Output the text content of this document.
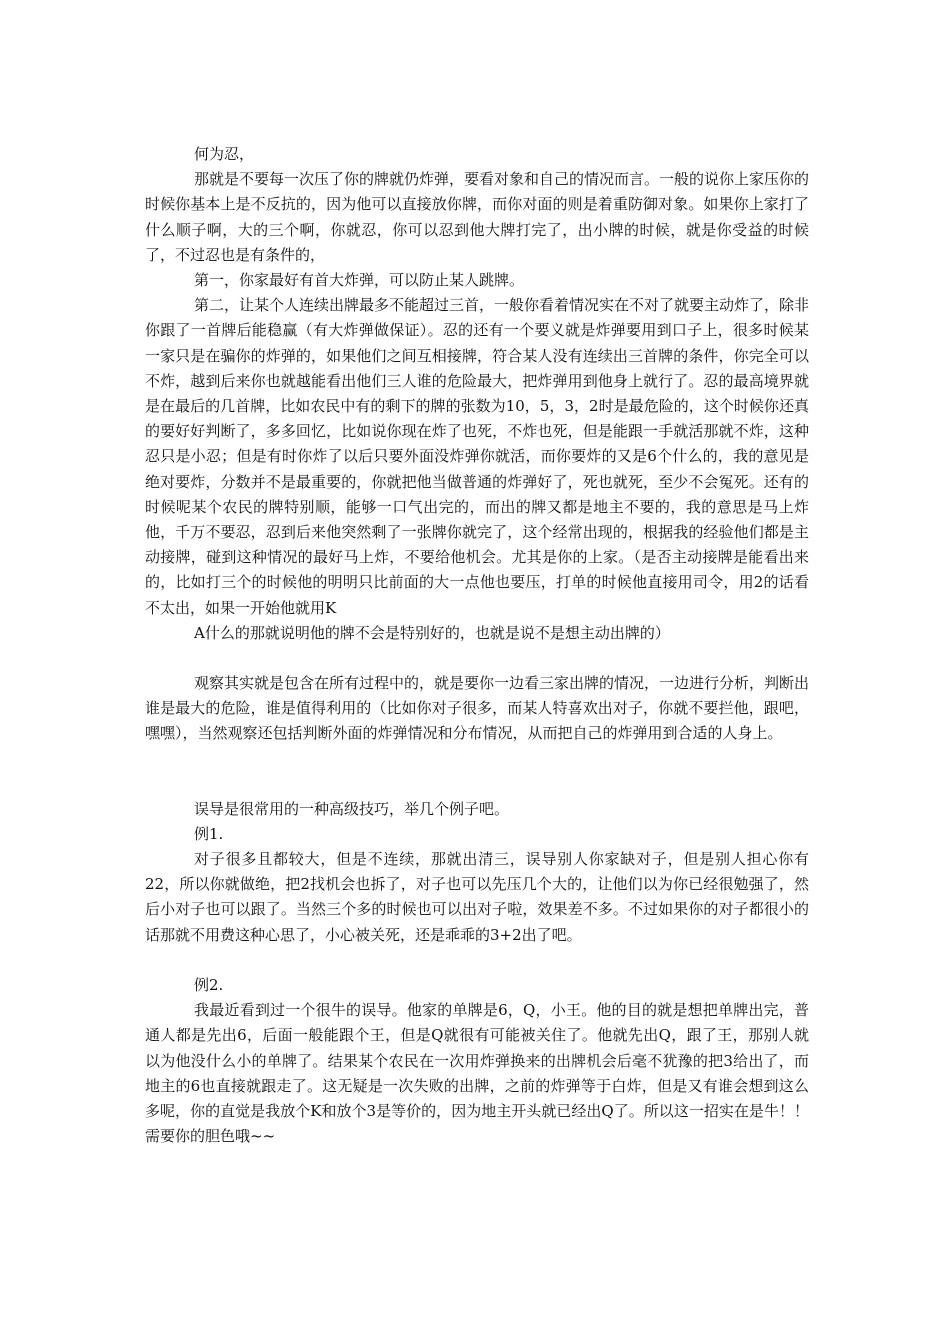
何为忍，

那就是不要每一次压了你的牌就仍炸弹，要看对象和自己的情况而言。一般的说你上家压你的时候你基本上是不反抗的，因为他可以直接放你牌，而你对面的则是着重防御对象。如果你上家打了什么顺子啊，大的三个啊，你就忍，你可以忍到他大牌打完了，出小牌的时候，就是你受益的时候了，不过忍也是有条件的，

第一，你家最好有首大炸弹，可以防止某人跳牌。

第二，让某个人连续出牌最多不能超过三首，一般你看着情况实在不对了就要主动炸了，除非你跟了一首牌后能稳赢（有大炸弹做保证）。忍的还有一个要义就是炸弹要用到口子上，很多时候某一家只是在骗你的炸弹的，如果他们之间互相接牌，符合某人没有连续出三首牌的条件，你完全可以不炸，越到后来你也就越能看出他们三人谁的危险最大，把炸弹用到他身上就行了。忍的最高境界就是在最后的几首牌，比如农民中有的剩下的牌的张数为10，5，3，2时是最危险的，这个时候你还真的要好好判断了，多多回忆，比如说你现在炸了也死，不炸也死，但是能跟一手就活那就不炸，这种忍只是小忍；但是有时你炸了以后只要外面没炸弹你就活，而你要炸的又是6个什么的，我的意见是绝对要炸，分数并不是最重要的，你就把他当做普通的炸弹好了，死也就死，至少不会冤死。还有的时候呢某个农民的牌特别顺，能够一口气出完的，而出的牌又都是地主不要的，我的意思是马上炸他，千万不要忍，忍到后来他突然剩了一张牌你就完了，这个经常出现的，根据我的经验他们都是主动接牌，碰到这种情况的最好马上炸，不要给他机会。尤其是你的上家。（是否主动接牌是能看出来的，比如打三个的时候他的明明只比前面的大一点他也要压，打单的时候他直接用司令，用2的话看不太出，如果一开始他就用K

A什么的那就说明他的牌不会是特别好的，也就是说不是想主动出牌的）

观察其实就是包含在所有过程中的，就是要你一边看三家出牌的情况，一边进行分析，判断出谁是最大的危险，谁是值得利用的（比如你对子很多，而某人特喜欢出对子，你就不要拦他，跟吧，嘿嘿），当然观察还包括判断外面的炸弹情况和分布情况，从而把自己的炸弹用到合适的人身上。

误导是很常用的一种高级技巧，举几个例子吧。

例1.

对子很多且都较大，但是不连续，那就出清三，误导别人你家缺对子，但是别人担心你有22，所以你就做绝，把2找机会也拆了，对子也可以先压几个大的，让他们以为你已经很勉强了，然后小对子也可以跟了。当然三个多的时候也可以出对子啦，效果差不多。不过如果你的对子都很小的话那就不用费这种心思了，小心被关死，还是乖乖的3+2出了吧。

例2.

我最近看到过一个很牛的误导。他家的单牌是6，Q，小王。他的目的就是想把单牌出完，普通人都是先出6，后面一般能跟个王，但是Q就很有可能被关住了。他就先出Q，跟了王，那别人就以为他没什么小的单牌了。结果某个农民在一次用炸弹换来的出牌机会后毫不犹豫的把3给出了，而地主的6也直接就跟走了。这无疑是一次失败的出牌，之前的炸弹等于白炸，但是又有谁会想到这么多呢，你的直觉是我放个K和放个3是等价的，因为地主开头就已经出Q了。所以这一招实在是牛！！需要你的胆色哦~~
